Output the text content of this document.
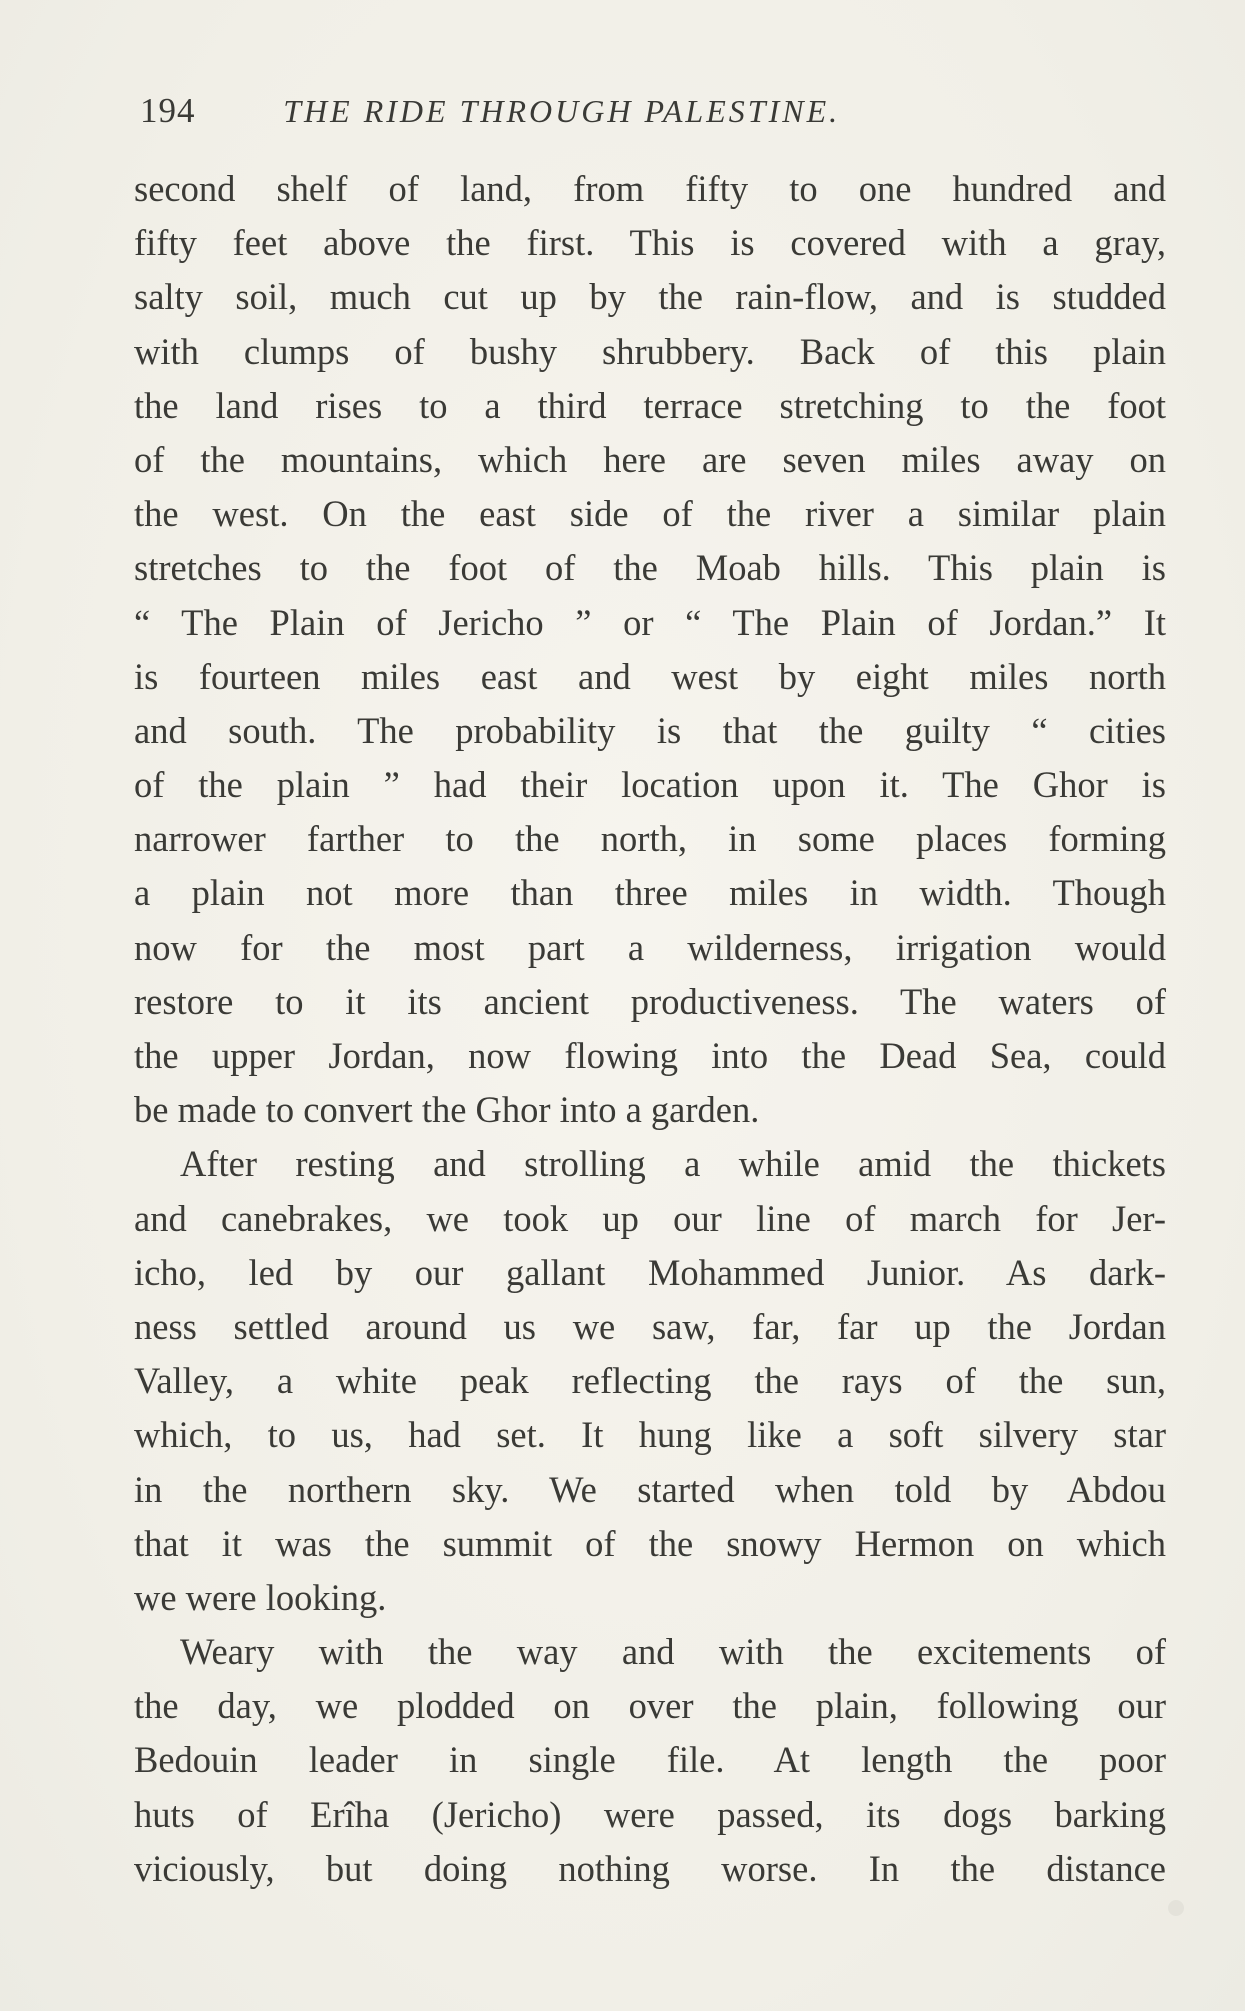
194	THE RIDE THROUGH PALESTINE.
second shelf of land, from fifty to one hundred and
fifty feet above the first. This is covered with a gray,
salty soil, much cut up by the rain-flow, and is studded
with clumps of bushy shrubbery. Back of this plain
the land rises to a third terrace stretching to the foot
of the mountains, which here are seven miles away on
the west. On the east side of the river a similar plain
stretches to the foot of the Moab hills. This plain is
“ The Plain of Jericho ” or “ The Plain of Jordan.” It
is fourteen miles east and west by eight miles north
and south. The probability is that the guilty “ cities
of the plain ” had their location upon it. The Ghor is
narrower farther to the north, in some places forming
a plain not more than three miles in width. Though
now for the most part a wilderness, irrigation would
restore to it its ancient productiveness. The waters of
the upper Jordan, now flowing into the Dead Sea, could
be made to convert the Ghor into a garden.
After resting and strolling a while amid the thickets
and canebrakes, we took up our line of march for Jer-
icho, led by our gallant Mohammed Junior. As dark-
ness settled around us we saw, far, far up the Jordan
Valley, a white peak reflecting the rays of the sun,
which, to us, had set. It hung like a soft silvery star
in the northern sky. We started when told by Abdou
that it was the summit of the snowy Hermon on which
we were looking.
Weary with the way and with the excitements of
the day, we plodded on over the plain, following our
Bedouin leader in single file. At length the poor
huts of Erîha (Jericho) were passed, its dogs barking
viciously, but doing nothing worse. In the distance
